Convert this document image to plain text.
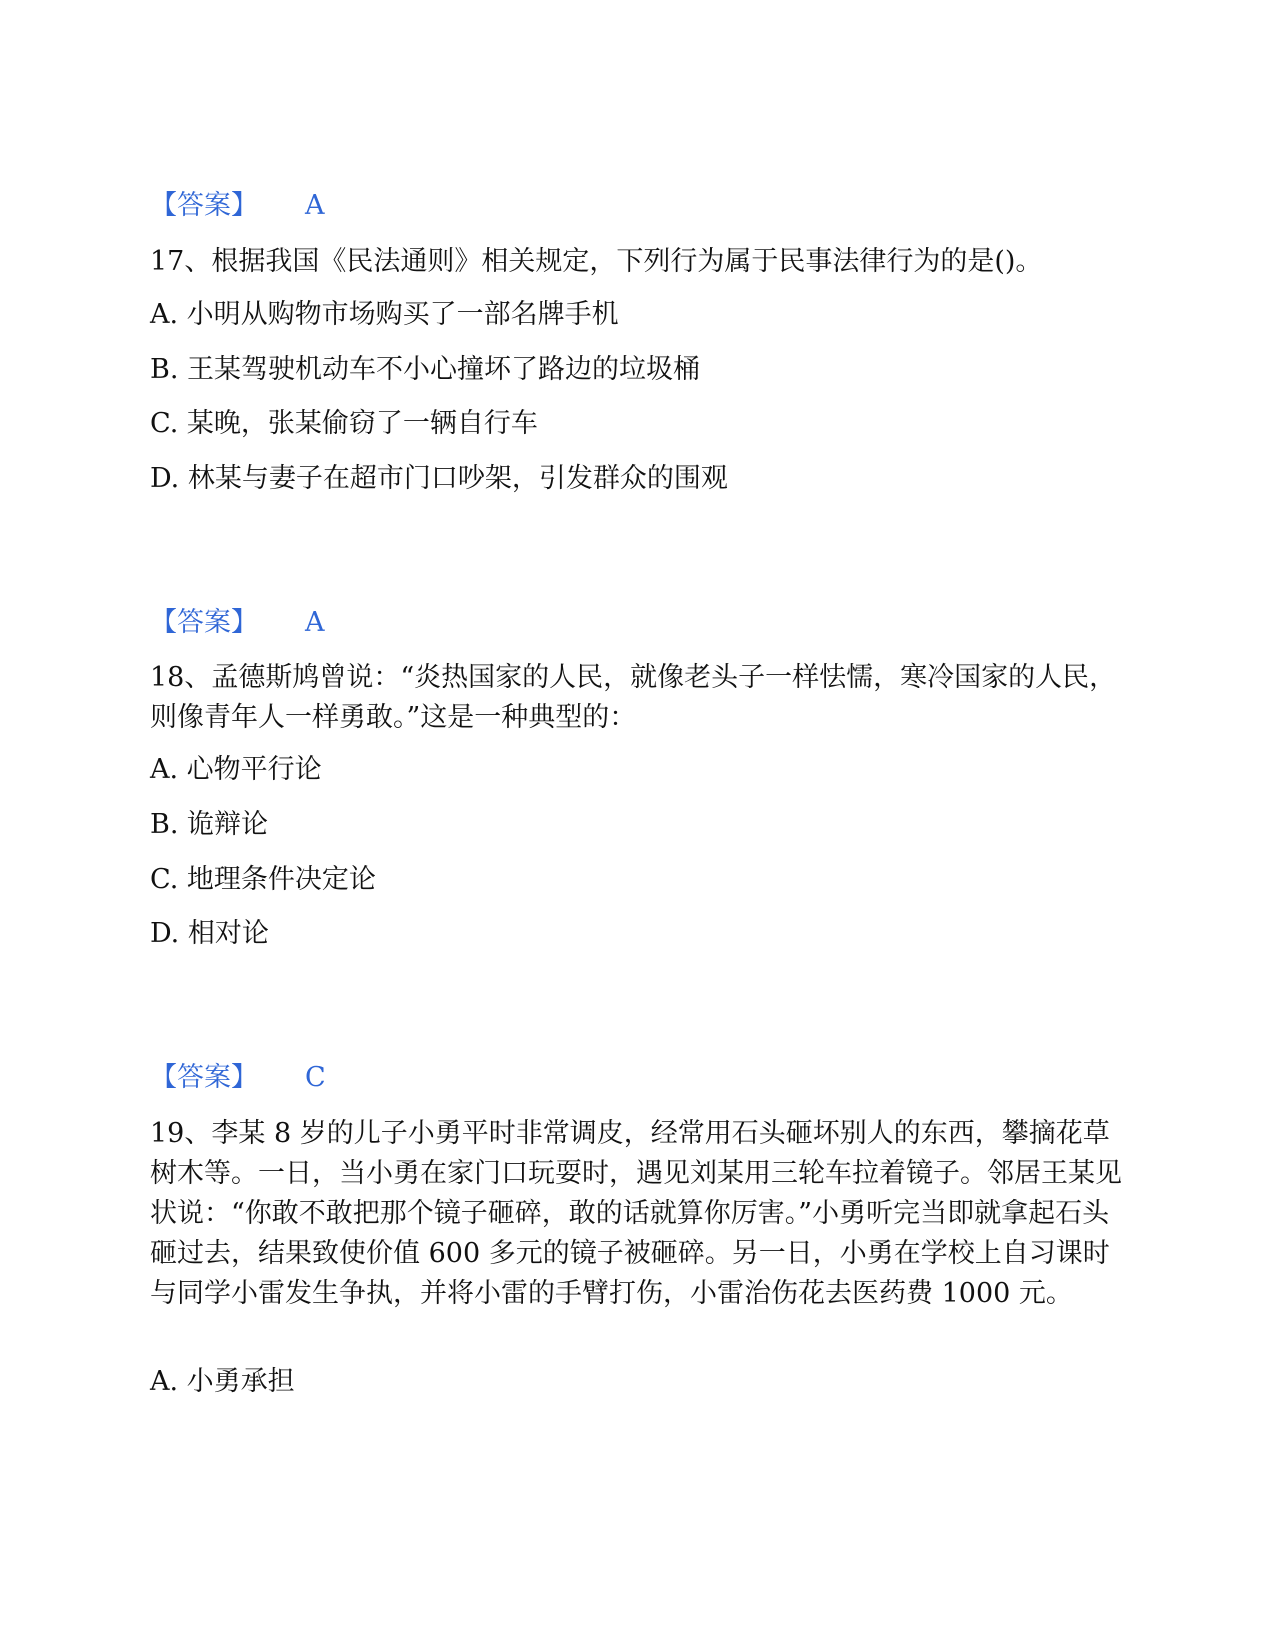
【答案】 A

17、根据我国《民法通则》相关规定，下列行为属于民事法律行为的是()。

A. 小明从购物市场购买了一部名牌手机
B. 王某驾驶机动车不小心撞坏了路边的垃圾桶
C. 某晚，张某偷窃了一辆自行车
D. 林某与妻子在超市门口吵架，引发群众的围观
【答案】 A

18、孟德斯鸠曾说：“炎热国家的人民，就像老头子一样怯懦，寒冷国家的人民，则像青年人一样勇敢。”这是一种典型的：

A. 心物平行论
B. 诡辩论
C. 地理条件决定论
D. 相对论
【答案】 C

19、李某 8 岁的儿子小勇平时非常调皮，经常用石头砸坏别人的东西，攀摘花草树木等。一日，当小勇在家门口玩耍时，遇见刘某用三轮车拉着镜子。邻居王某见状说：“你敢不敢把那个镜子砸碎，敢的话就算你厉害。”小勇听完当即就拿起石头砸过去，结果致使价值 600 多元的镜子被砸碎。另一日，小勇在学校上自习课时与同学小雷发生争执，并将小雷的手臂打伤，小雷治伤花去医药费 1000 元。

A. 小勇承担
